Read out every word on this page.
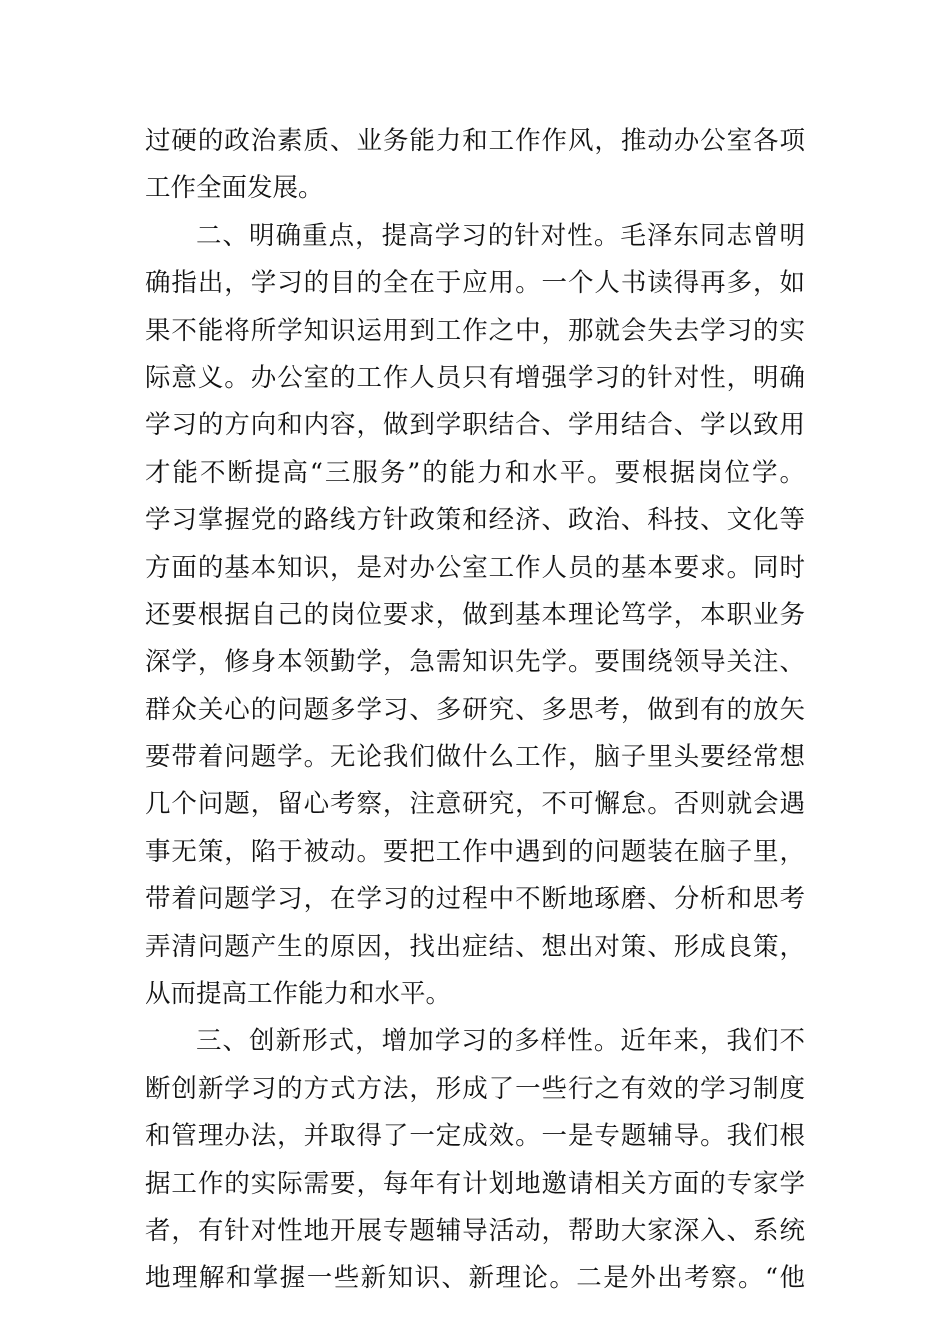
过硬的政治素质、业务能力和工作作风，推动办公室各项
工作全面发展。
二、明确重点，提高学习的针对性。毛泽东同志曾明
确指出，学习的目的全在于应用。一个人书读得再多，如
果不能将所学知识运用到工作之中，那就会失去学习的实
际意义。办公室的工作人员只有增强学习的针对性，明确
学习的方向和内容，做到学职结合、学用结合、学以致用
才能不断提高“三服务”的能力和水平。要根据岗位学。
学习掌握党的路线方针政策和经济、政治、科技、文化等
方面的基本知识，是对办公室工作人员的基本要求。同时
还要根据自己的岗位要求，做到基本理论笃学，本职业务
深学，修身本领勤学，急需知识先学。要围绕领导关注、
群众关心的问题多学习、多研究、多思考，做到有的放矢
要带着问题学。无论我们做什么工作，脑子里头要经常想
几个问题，留心考察，注意研究，不可懈怠。否则就会遇
事无策，陷于被动。要把工作中遇到的问题装在脑子里，
带着问题学习，在学习的过程中不断地琢磨、分析和思考
弄清问题产生的原因，找出症结、想出对策、形成良策，
从而提高工作能力和水平。
三、创新形式，增加学习的多样性。近年来，我们不
断创新学习的方式方法，形成了一些行之有效的学习制度
和管理办法，并取得了一定成效。一是专题辅导。我们根
据工作的实际需要，每年有计划地邀请相关方面的专家学
者，有针对性地开展专题辅导活动，帮助大家深入、系统
地理解和掌握一些新知识、新理论。二是外出考察。“他
